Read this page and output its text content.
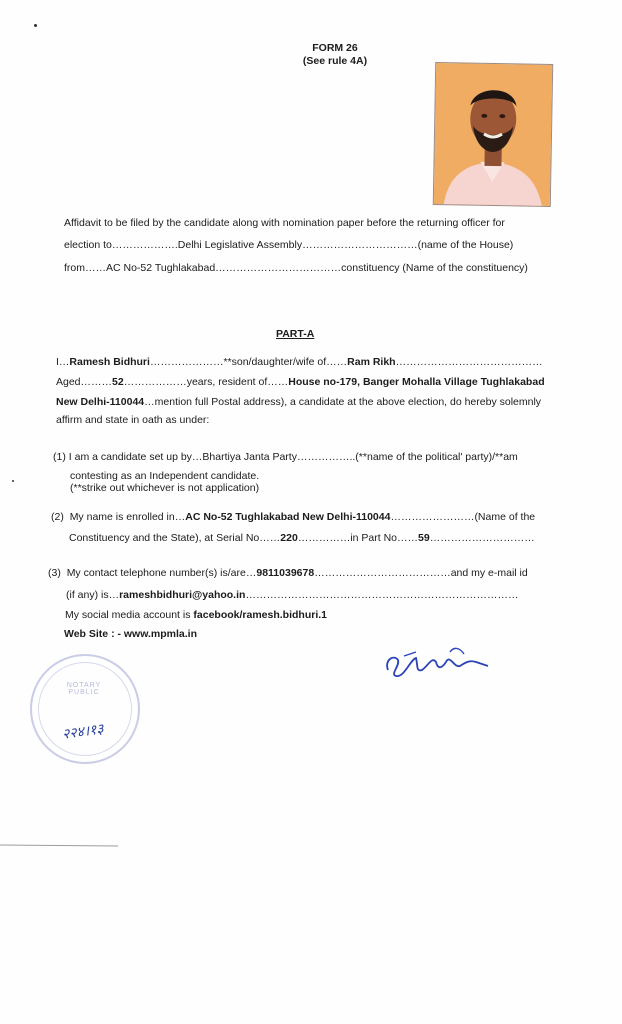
FORM 26
(See rule 4A)
Affidavit to be filed by the candidate along with nomination paper before the returning officer for
election to……………….Delhi Legislative Assembly……………………………(name of the House)
from……AC No-52 Tughlakabad………………………………constituency (Name of the constituency)
PART-A
I…Ramesh Bidhuri…………………**son/daughter/wife of……Ram Rikh……………………………………
Aged………52………………years, resident of……House no-179, Banger Mohalla Village Tughlakabad
New Delhi-110044…mention full Postal address), a candidate at the above election, do hereby solemnly
affirm and state in oath as under:
(1) I am a candidate set up by…Bhartiya Janta Party……………..(**name of the political' party)/**am
contesting as an Independent candidate.
(**strike out whichever is not application)
(2) My name is enrolled in…AC No-52 Tughlakabad New Delhi-110044……………………(Name of the
Constituency and the State), at Serial No……220……………in Part No……59…………………………
(3) My contact telephone number(s) is/are…9811039678…………………………………and my e-mail id
(if any) is…rameshbidhuri@yahoo.in……………………………………………………………………
My social media account is facebook/ramesh.bidhuri.1
Web Site : - www.mpmla.in
NOTARY PUBLIC
२२४।१३
